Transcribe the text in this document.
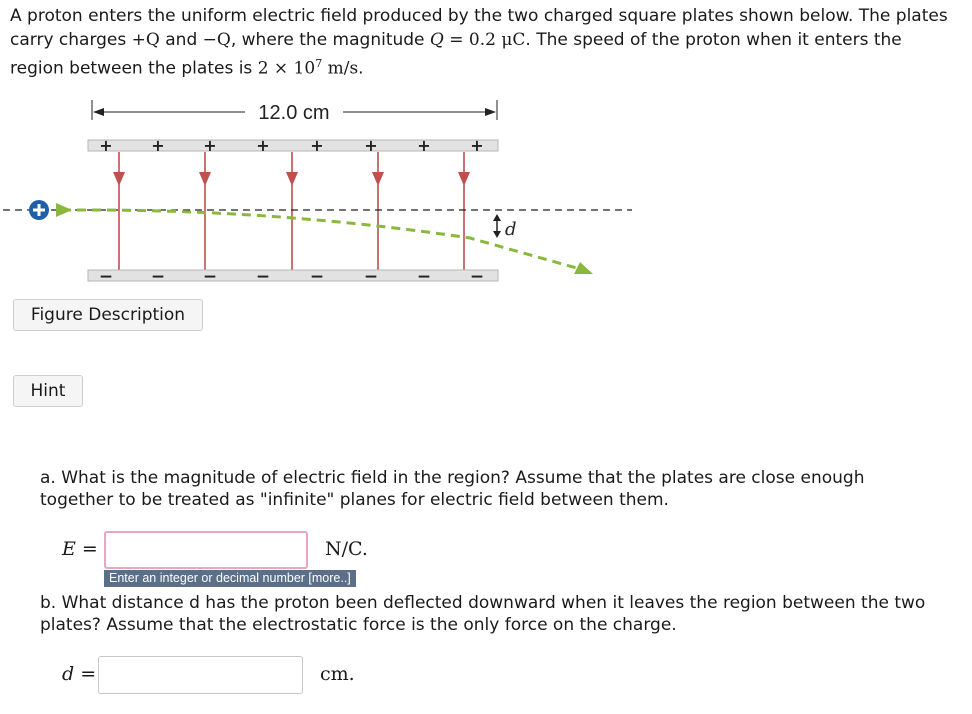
A proton enters the uniform electric field produced by the two charged square plates shown below. The plates carry charges +Q and −Q, where the magnitude Q = 0.2 μC. The speed of the proton when it enters the region between the plates is $2 \times 10^7$ m/s.
12.0 cm
+ + + +	+	+ + +
d
− − − − − − − −
Figure Description
Hint
a. What is the magnitude of electric field in the region? Assume that the plates are close enough together to be treated as "infinite" planes for electric field between them.
E =	N/C.
Enter an integer or decimal number [more..]
b. What distance d has the proton been deflected downward when it leaves the region between the two plates? Assume that the electrostatic force is the only force on the charge.
d =	cm.
